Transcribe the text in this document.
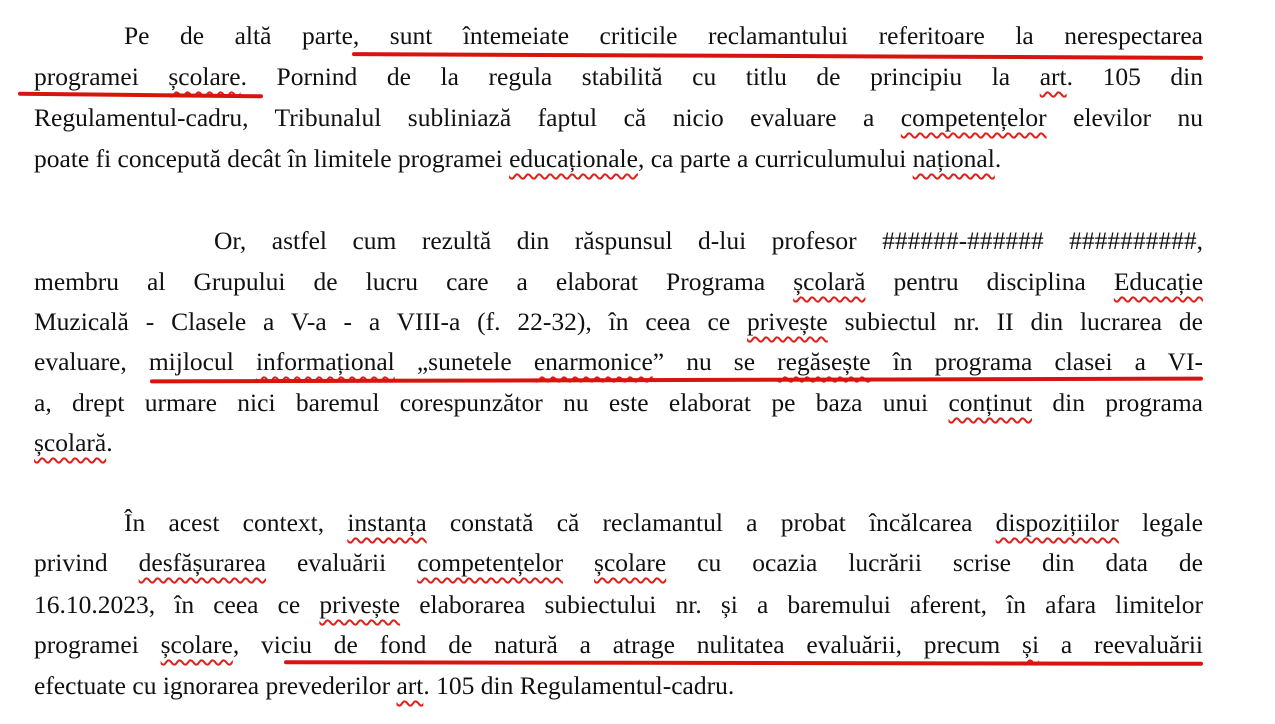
Pe de altă parte, sunt întemeiate criticile reclamantului referitoare la nerespectarea
programei școlare. Pornind de la regula stabilită cu titlu de principiu la art. 105 din
Regulamentul-cadru, Tribunalul subliniază faptul că nicio evaluare a competențelor elevilor nu
poate fi concepută decât în limitele programei educaționale, ca parte a curriculumului național.
Or, astfel cum rezultă din răspunsul d-lui profesor ######-###### ##########,
membru al Grupului de lucru care a elaborat Programa școlară pentru disciplina Educație
Muzicală - Clasele a V-a - a VIII-a (f. 22-32), în ceea ce privește subiectul nr. II din lucrarea de
evaluare, mijlocul informațional „sunetele enarmonice” nu se regăsește în programa clasei a VI-
a, drept urmare nici baremul corespunzător nu este elaborat pe baza unui conținut din programa
școlară.
În acest context, instanța constată că reclamantul a probat încălcarea dispozițiilor legale
privind desfășurarea evaluării competențelor școlare cu ocazia lucrării scrise din data de
16.10.2023, în ceea ce privește elaborarea subiectului nr. și a baremului aferent, în afara limitelor
programei școlare, viciu de fond de natură a atrage nulitatea evaluării, precum și a reevaluării
efectuate cu ignorarea prevederilor art. 105 din Regulamentul-cadru.
